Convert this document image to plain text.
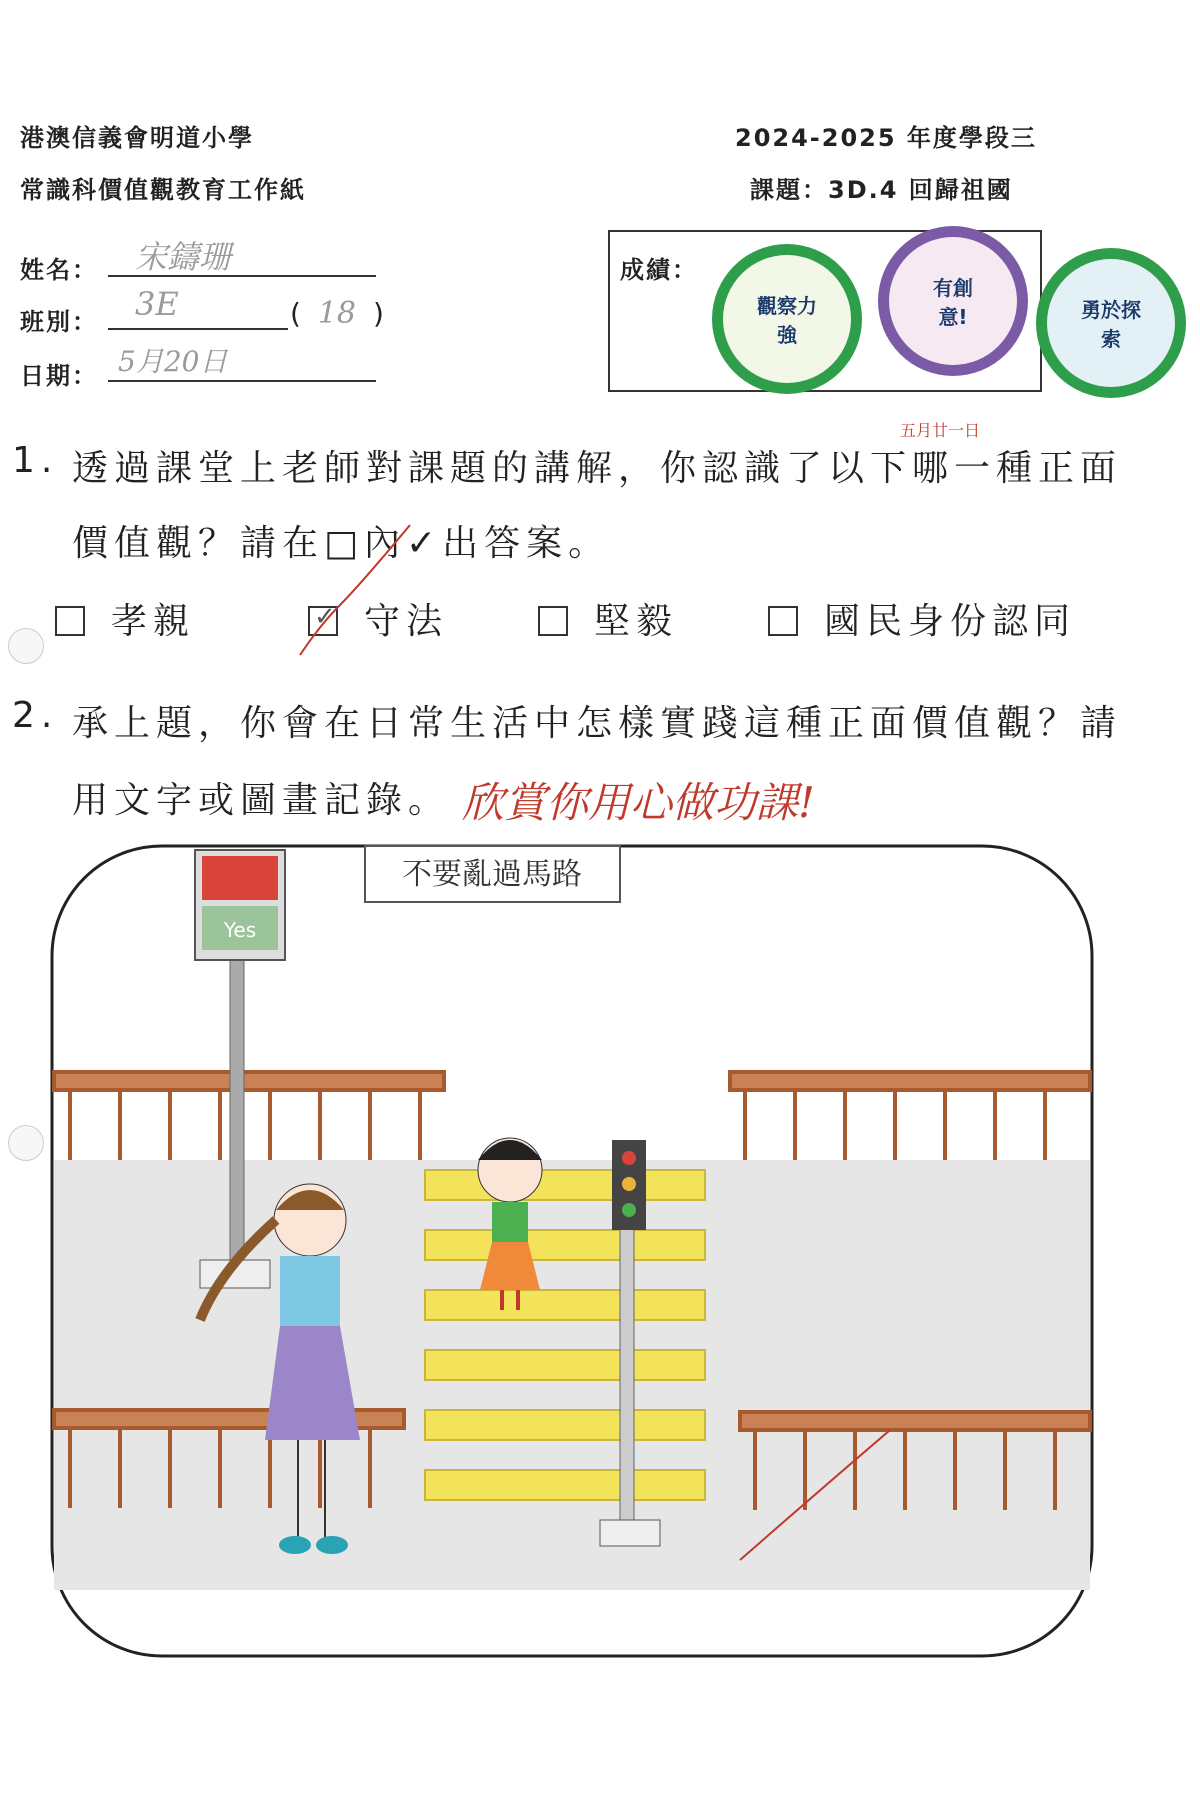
港澳信義會明道小學
常識科價值觀教育工作紙
2024-2025 年度學段三
課題：3D.4 回歸祖國
姓名： 宋鑄珊
班別： 3E	( 18 )
日期： 5月20日
成績：
觀察力強
有創意!	勇於探索
五月廿一日
1. 透過課堂上老師對課題的講解，你認識了以下哪一種正面
價值觀？請在□內✓出答案。
孝親	✓ 守法	堅毅	國民身份認同
2. 承上題，你會在日常生活中怎樣實踐這種正面價值觀？請
用文字或圖畫記錄。 欣賞你用心做功課!
Yes
不要亂過馬路
